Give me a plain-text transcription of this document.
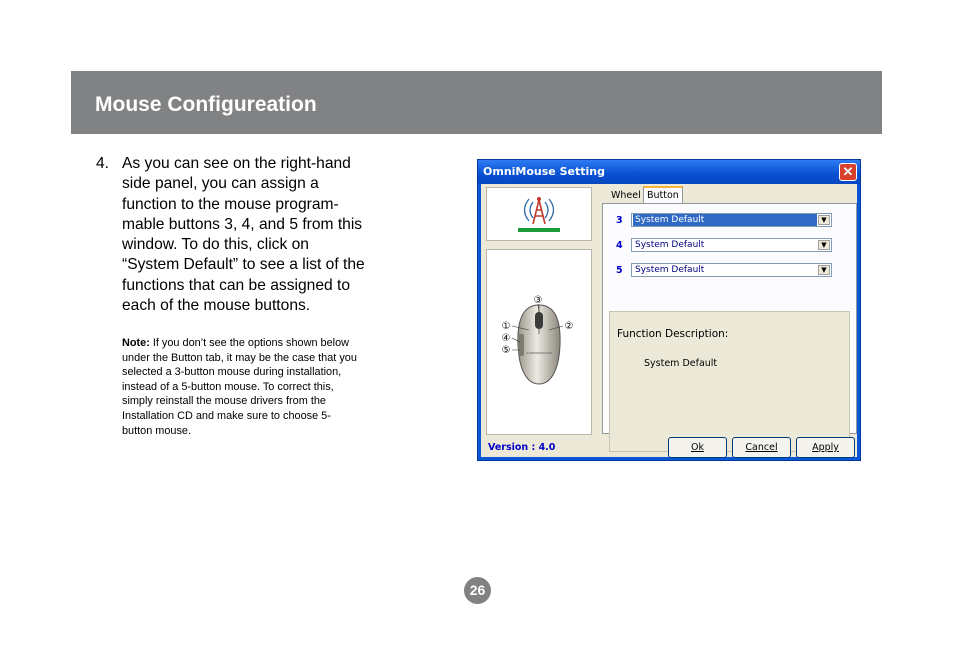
Mouse Configureation
4. As you can see on the right-hand
side panel, you can assign a
function to the mouse program-
mable buttons 3, 4, and 5 from this
window. To do this, click on
“System Default” to see a list of the
functions that can be assigned to
each of the mouse buttons.
Note: If you don’t see the options shown below
under the Button tab, it may be the case that you
selected a 3-button mouse during installation,
instead of a 5-button mouse. To correct this,
simply reinstall the mouse drivers from the
Installation CD and make sure to choose 5-
button mouse.
OmniMouse Setting	✕
GAMMINGMOUSE
③
①	②
④
⑤
Wheel Button
3 System Default	▼
4 System Default	▼
5 System Default	▼
Function Description:
System Default
Version : 4.0	Ok	Cancel	Apply
26
